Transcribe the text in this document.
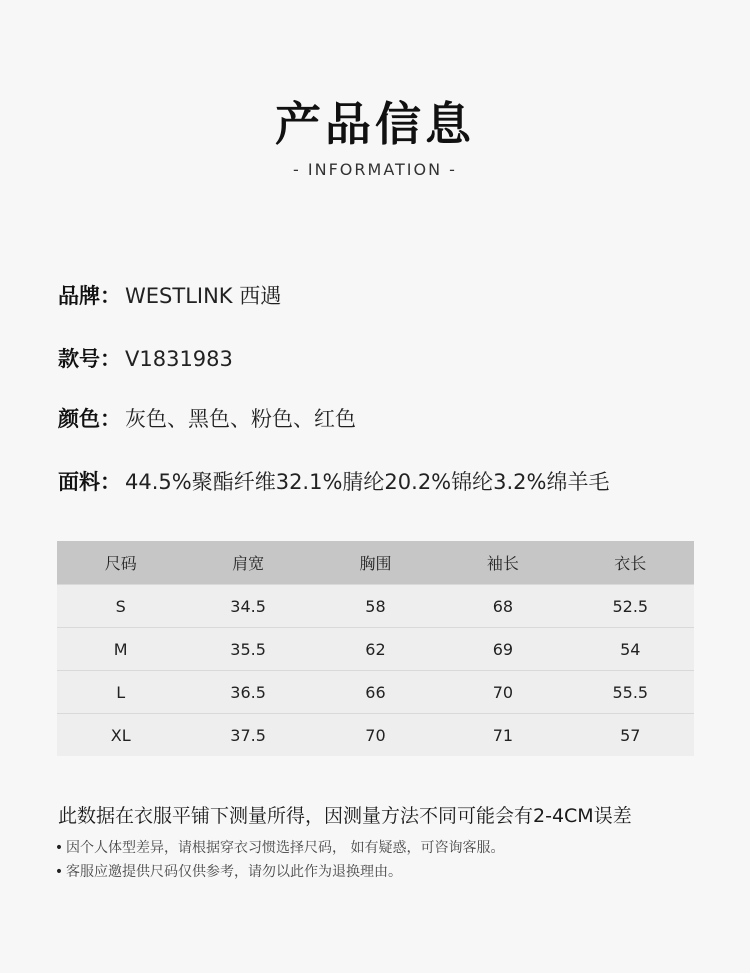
产品信息
- INFORMATION -
品牌： WESTLINK 西遇
款号： V1831983
颜色： 灰色、黑色、粉色、红色
面料： 44.5%聚酯纤维32.1%腈纶20.2%锦纶3.2%绵羊毛
尺码	肩宽	胸围	袖长	衣长
S	34.5	58	68	52.5
M	35.5	62	69	54
L	36.5	66	70	55.5
XL	37.5	70	71	57
此数据在衣服平铺下测量所得，因测量方法不同可能会有2-4CM误差
• 因个人体型差异，请根据穿衣习惯选择尺码， 如有疑惑，可咨询客服。
• 客服应邀提供尺码仅供参考，请勿以此作为退换理由。
